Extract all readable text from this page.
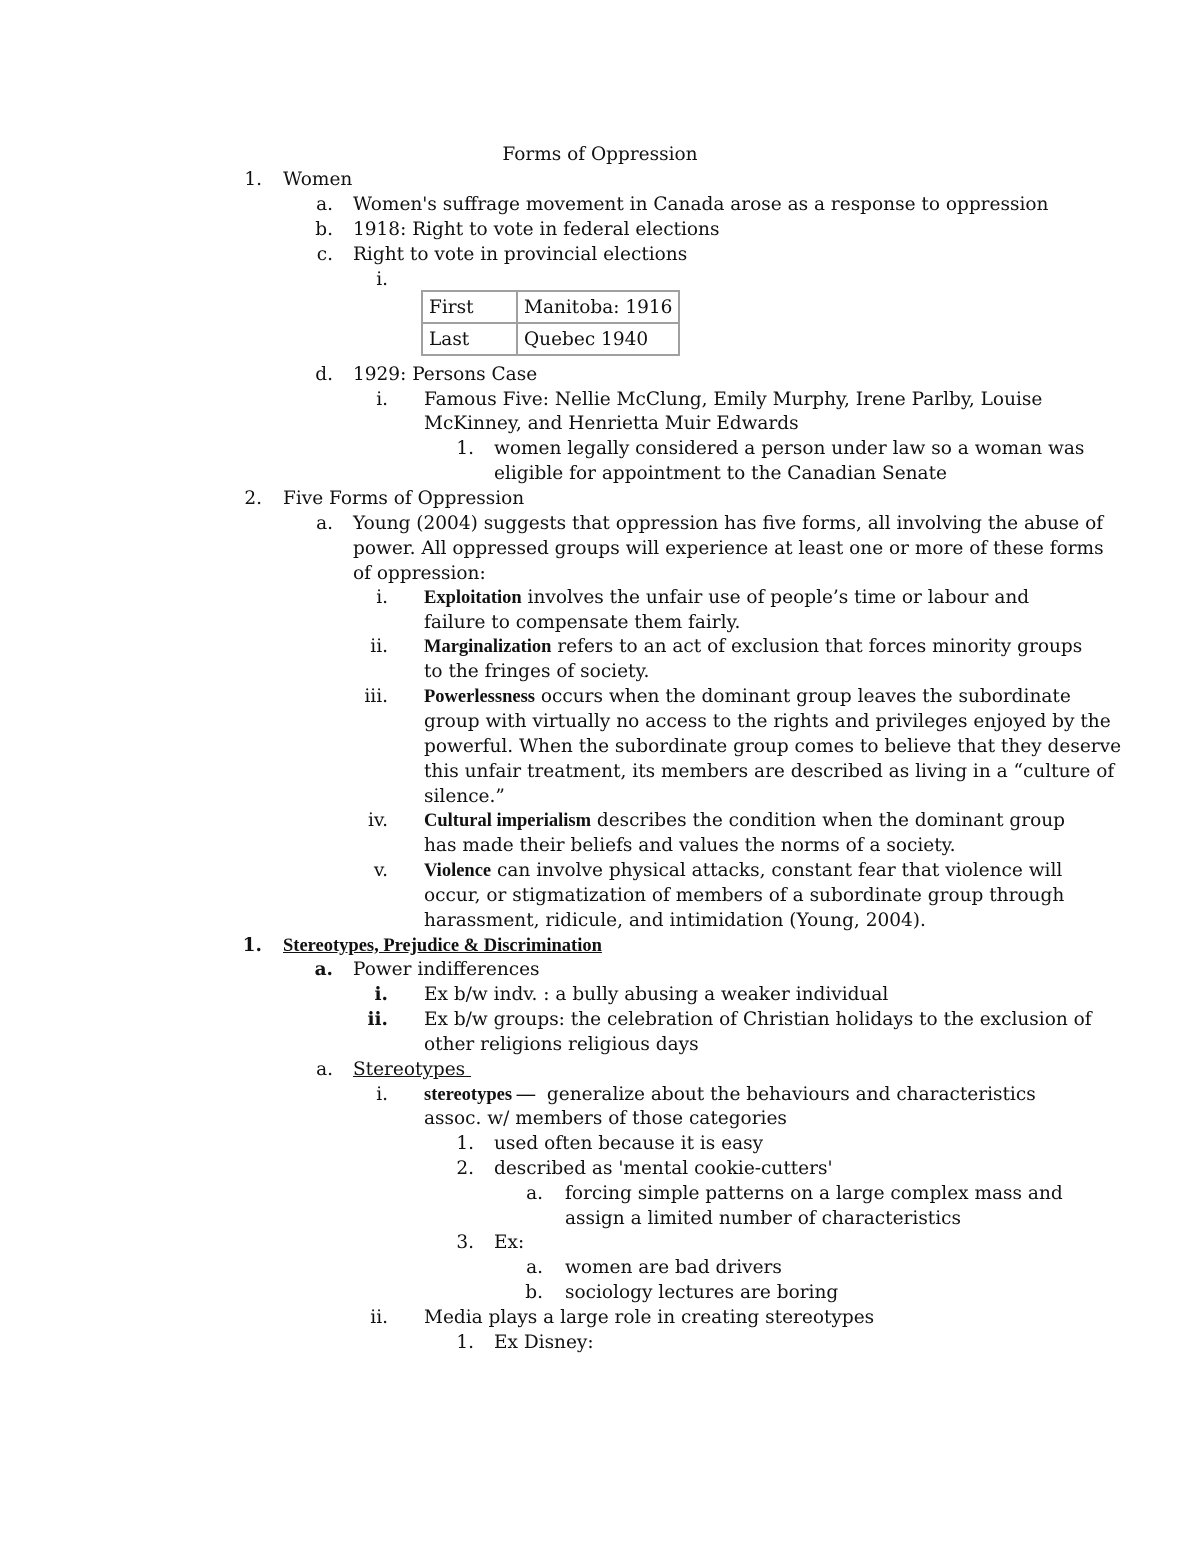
Forms of Oppression
1. Women
a. Women's suffrage movement in Canada arose as a response to oppression
b. 1918: Right to vote in federal elections
c. Right to vote in provincial elections
i.
First	Manitoba: 1916
Last	Quebec 1940
d. 1929: Persons Case
i. Famous Five: Nellie McClung, Emily Murphy, Irene Parlby, Louise
McKinney, and Henrietta Muir Edwards
1. women legally considered a person under law so a woman was
eligible for appointment to the Canadian Senate
2. Five Forms of Oppression
a. Young (2004) suggests that oppression has five forms, all involving the abuse of
power. All oppressed groups will experience at least one or more of these forms
of oppression:
i. Exploitation involves the unfair use of people’s time or labour and
failure to compensate them fairly.
ii. Marginalization refers to an act of exclusion that forces minority groups
to the fringes of society.
iii. Powerlessness occurs when the dominant group leaves the subordinate
group with virtually no access to the rights and privileges enjoyed by the
powerful. When the subordinate group comes to believe that they deserve
this unfair treatment, its members are described as living in a “culture of
silence.”
iv. Cultural imperialism describes the condition when the dominant group
has made their beliefs and values the norms of a society.
v. Violence can involve physical attacks, constant fear that violence will
occur, or stigmatization of members of a subordinate group through
harassment, ridicule, and intimidation (Young, 2004).
1. Stereotypes, Prejudice & Discrimination
a. Power indifferences
i. Ex b/w indv. : a bully abusing a weaker individual
ii. Ex b/w groups: the celebration of Christian holidays to the exclusion of
other religions religious days
a. Stereotypes
i. stereotypes —  generalize about the behaviours and characteristics
assoc. w/ members of those categories
1. used often because it is easy
2. described as 'mental cookie-cutters'
a. forcing simple patterns on a large complex mass and
assign a limited number of characteristics
3. Ex:
a. women are bad drivers
b. sociology lectures are boring
ii. Media plays a large role in creating stereotypes
1. Ex Disney:
